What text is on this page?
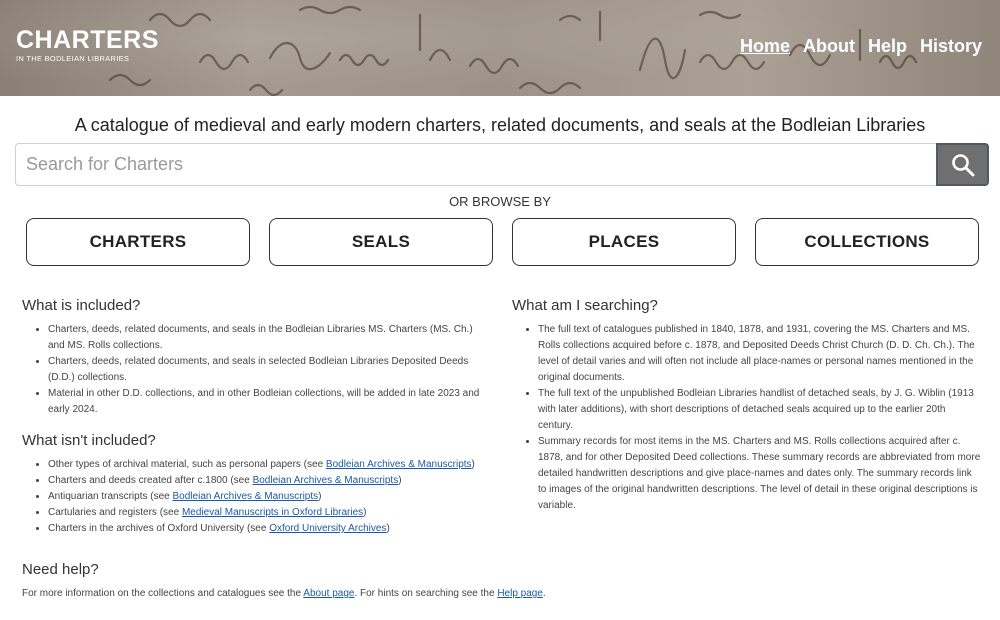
CHARTERS
IN THE BODLEIAN LIBRARIES
Home About Help History
A catalogue of medieval and early modern charters, related documents, and seals at the Bodleian Libraries
Search for Charters
OR BROWSE BY
CHARTERS	SEALS	PLACES	COLLECTIONS
What is included?
• Charters, deeds, related documents, and seals in the Bodleian Libraries MS. Charters (MS. Ch.) and MS. Rolls collections.
• Charters, deeds, related documents, and seals in selected Bodleian Libraries Deposited Deeds (D.D.) collections.
• Material in other D.D. collections, and in other Bodleian collections, will be added in late 2023 and early 2024.
What isn't included?
• Other types of archival material, such as personal papers (see Bodleian Archives & Manuscripts)
• Charters and deeds created after c.1800 (see Bodleian Archives & Manuscripts)
• Antiquarian transcripts (see Bodleian Archives & Manuscripts)
• Cartularies and registers (see Medieval Manuscripts in Oxford Libraries)
• Charters in the archives of Oxford University (see Oxford University Archives)
What am I searching?
• The full text of catalogues published in 1840, 1878, and 1931, covering the MS. Charters and MS. Rolls collections acquired before c. 1878, and Deposited Deeds Christ Church (D. D. Ch. Ch.). The level of detail varies and will often not include all place-names or personal names mentioned in the original documents.
• The full text of the unpublished Bodleian Libraries handlist of detached seals, by J. G. Wiblin (1913 with later additions), with short descriptions of detached seals acquired up to the earlier 20th century.
• Summary records for most items in the MS. Charters and MS. Rolls collections acquired after c. 1878, and for other Deposited Deed collections. These summary records are abbreviated from more detailed handwritten descriptions and give place-names and dates only. The summary records link to images of the original handwritten descriptions. The level of detail in these original descriptions is variable.
Need help?

For more information on the collections and catalogues see the About page. For hints on searching see the Help page.
